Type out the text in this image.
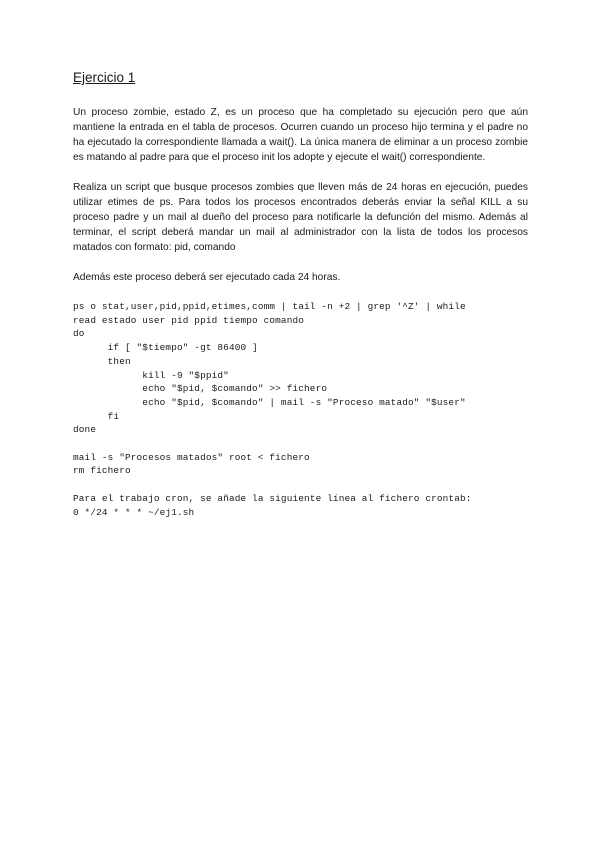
Ejercicio 1

Un proceso zombie, estado Z, es un proceso que ha completado su ejecución pero que aún mantiene la entrada en el tabla de procesos. Ocurren cuando un proceso hijo termina y el padre no ha ejecutado la correspondiente llamada a wait(). La única manera de eliminar a un proceso zombie es matando al padre para que el proceso init los adopte y ejecute el wait() correspondiente.

Realiza un script que busque procesos zombies que lleven más de 24 horas en ejecución, puedes utilizar etimes de ps. Para todos los procesos encontrados deberás enviar la señal KILL a su proceso padre y un mail al dueño del proceso para notificarle la defunción del mismo. Además al terminar, el script deberá mandar un mail al administrador con la lista de todos los procesos matados con formato: pid, comando

Además este proceso deberá ser ejecutado cada 24 horas.

ps o stat,user,pid,ppid,etimes,comm | tail -n +2 | grep '^Z' | while
read estado user pid ppid tiempo comando
do
if [ "$tiempo" -gt 86400 ]
then
kill -9 "$ppid"
echo "$pid, $comando" >> fichero
echo "$pid, $comando" | mail -s "Proceso matado" "$user"
fi
done
mail -s "Procesos matados" root < fichero
rm fichero
Para el trabajo cron, se añade la siguiente línea al fichero crontab:
0 */24 * * * ~/ej1.sh
